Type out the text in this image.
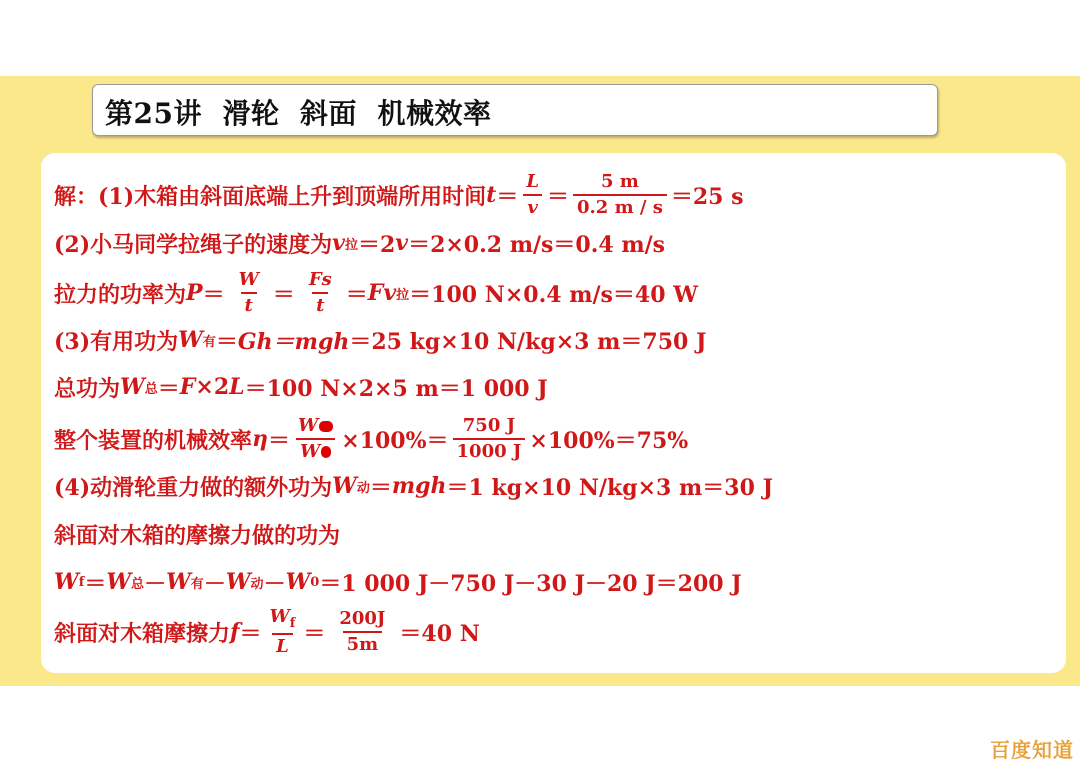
第25讲  滑轮  斜面  机械效率
解：(1)木箱由斜面底端上升到顶端所用时间 $t = \frac{L}{v} = \frac{5 m}{0.2 m / s} =25$ s
(2)小马同学拉绳子的速度为 v 拉 ＝2 v ＝2×0.2 m/s＝0.4 m/s
拉力的功率为 $P = \frac{W}{t} = \frac{Fs}{t} = Fv$ 拉 ＝100 N×0.4 m/s＝40 W
(3)有用功为 W 有 ＝ Gh＝mgh ＝25 kg×10 N/kg×3 m＝750 J
总功为 W 总 ＝ F ×2 L ＝100 N×2×5 m＝1 000 J
整个装置的机械效率 $\eta = \frac{W}{W} \times 100\%= \frac{750 J}{1000 J} \times 100\%=75\%$
(4)动滑轮重力做的额外功为 W 动 ＝ mgh ＝1 kg×10 N/kg×3 m＝30 J
斜面对木箱的摩擦力做的功为
W f ＝ W 总 － W 有 － W 动 － W 0 ＝1 000 J－750 J－30 J－20 J＝200 J
斜面对木箱摩擦力 $f = \frac{W_f}{L} = \frac{200J}{5m} =40$ N
百度知道
